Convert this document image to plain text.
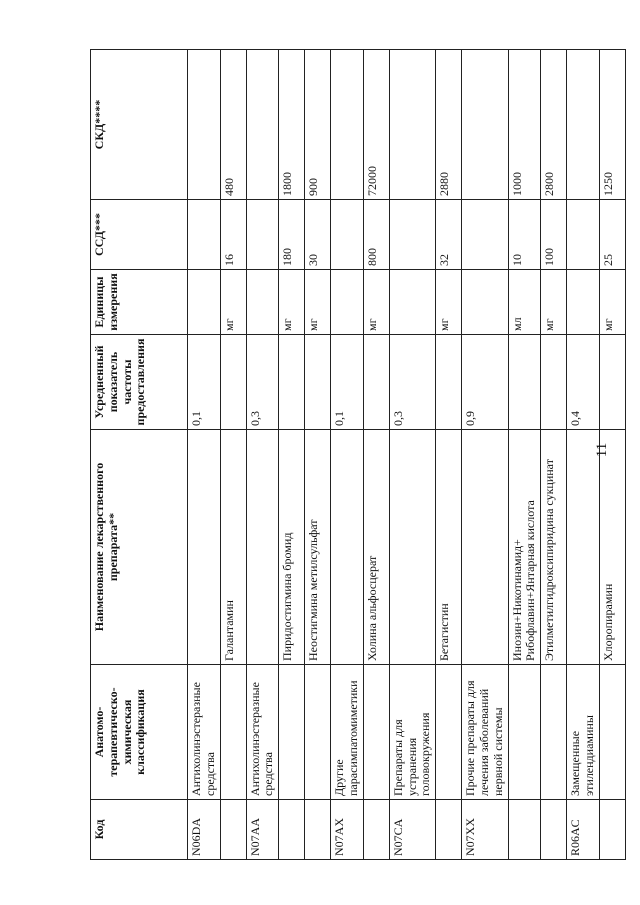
Код	Анатомо-терапевтическо-химическая классификация	Наименование лекарственного препарата**	Усредненный показатель частоты предоставления	Единицы измерения	ССД***	СКД****
N06DA	Антихолинэстеразные средства		0,1			
		Галантамин		мг	16	480
N07AA	Антихолинэстеразные средства		0,3			
		Пиридостигмина бромид		мг	180	1800
		Неостигмина метилсульфат		мг	30	900
N07AX	Другие парасимпатомиметики		0,1			
		Холина альфосцерат		мг	800	72000
N07CA	Препараты для устранения головокружения		0,3			
		Бетагистин		мг	32	2880
N07XX	Прочие препараты для лечения заболеваний нервной системы		0,9			
		Инозин+Никотинамид+ Рибофлавин+Янтарная кислота		мл	10	1000
		Этилметилгидроксипиридина сукцинат		мг	100	2800
R06AC	Замещенные этилендиамины		0,4			
		Хлоропирамин		мг	25	1250
11
